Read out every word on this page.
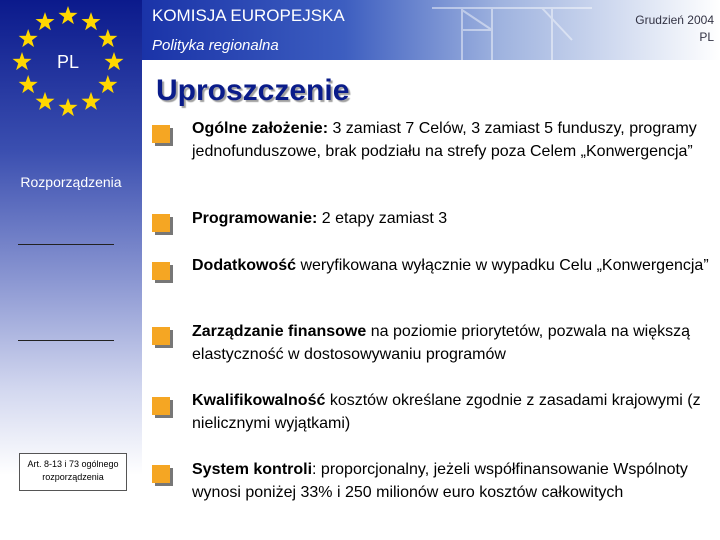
PL
Rozporządzenia
Art. 8-13 i 73 ogólnego rozporządzenia
KOMISJA EUROPEJSKA
Polityka regionalna
Grudzień 2004
PL
Uproszczenie
Ogólne założenie: 3 zamiast 7 Celów, 3 zamiast 5 funduszy, programy jednofunduszowe, brak podziału na strefy poza Celem „Konwergencja”
Programowanie: 2 etapy zamiast 3
Dodatkowość weryfikowana wyłącznie w wypadku Celu „Konwergencja”
Zarządzanie finansowe na poziomie priorytetów, pozwala na większą elastyczność w dostosowywaniu programów
Kwalifikowalność kosztów określane zgodnie z zasadami krajowymi (z nielicznymi wyjątkami)
System kontroli: proporcjonalny, jeżeli współfinansowanie Wspólnoty wynosi poniżej 33% i 250 milionów euro kosztów całkowitych
